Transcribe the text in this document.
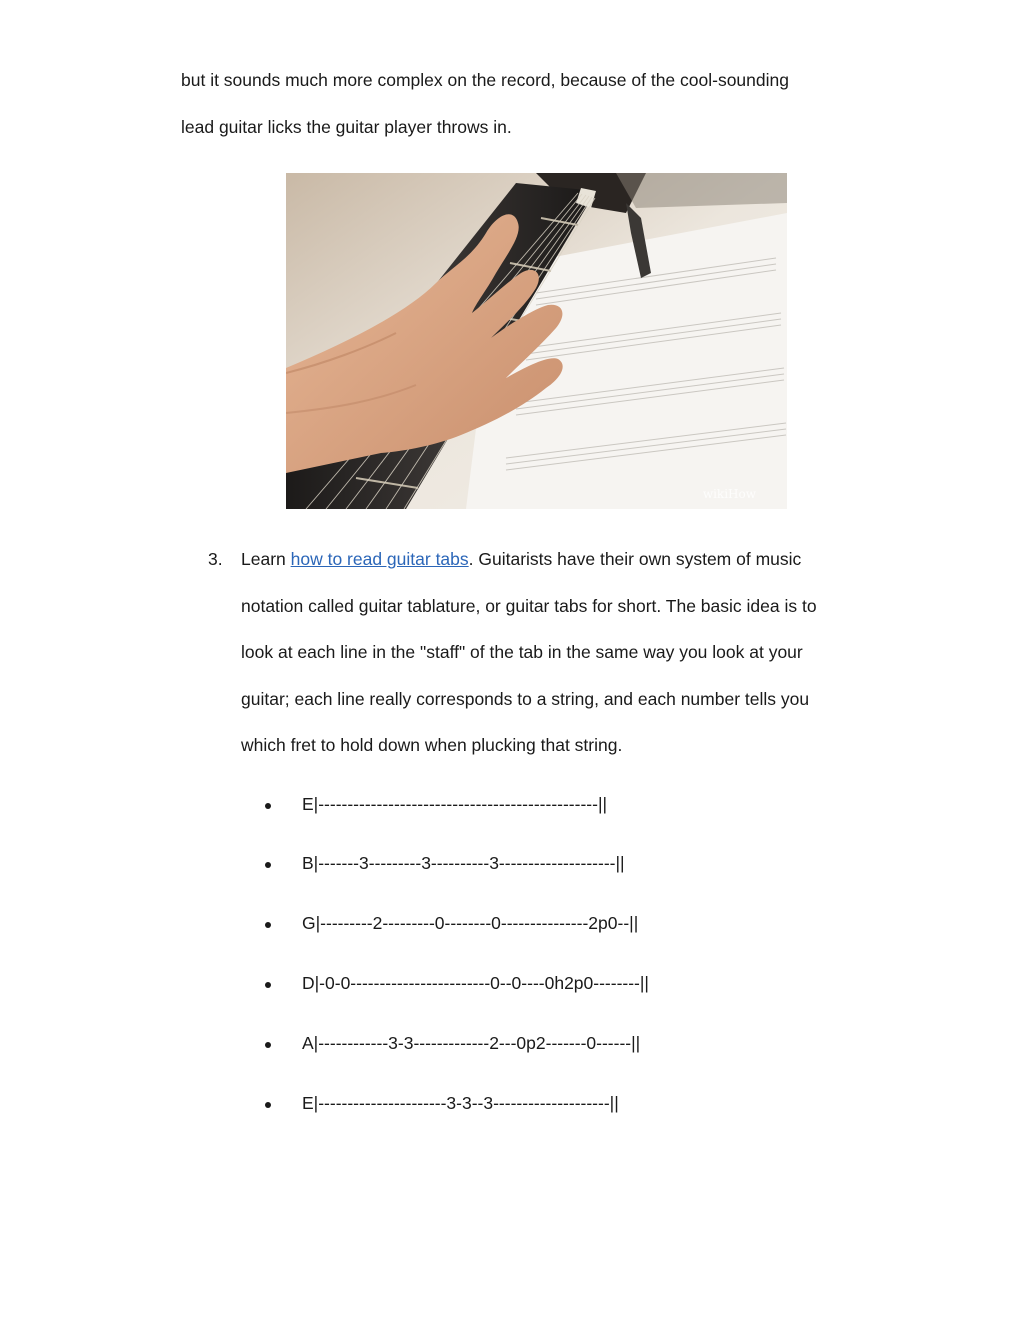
but it sounds much more complex on the record, because of the cool-sounding
lead guitar licks the guitar player throws in.
wikiHow
3. Learn how to read guitar tabs. Guitarists have their own system of music
notation called guitar tablature, or guitar tabs for short. The basic idea is to
look at each line in the "staff" of the tab in the same way you look at your
guitar; each line really corresponds to a string, and each number tells you
which fret to hold down when plucking that string.
E|------------------------------------------------||
B|-------3---------3----------3--------------------||
G|---------2---------0--------0---------------2p0--||
D|-0-0------------------------0--0----0h2p0--------||
A|------------3-3-------------2---0p2-------0------||
E|----------------------3-3--3--------------------||
